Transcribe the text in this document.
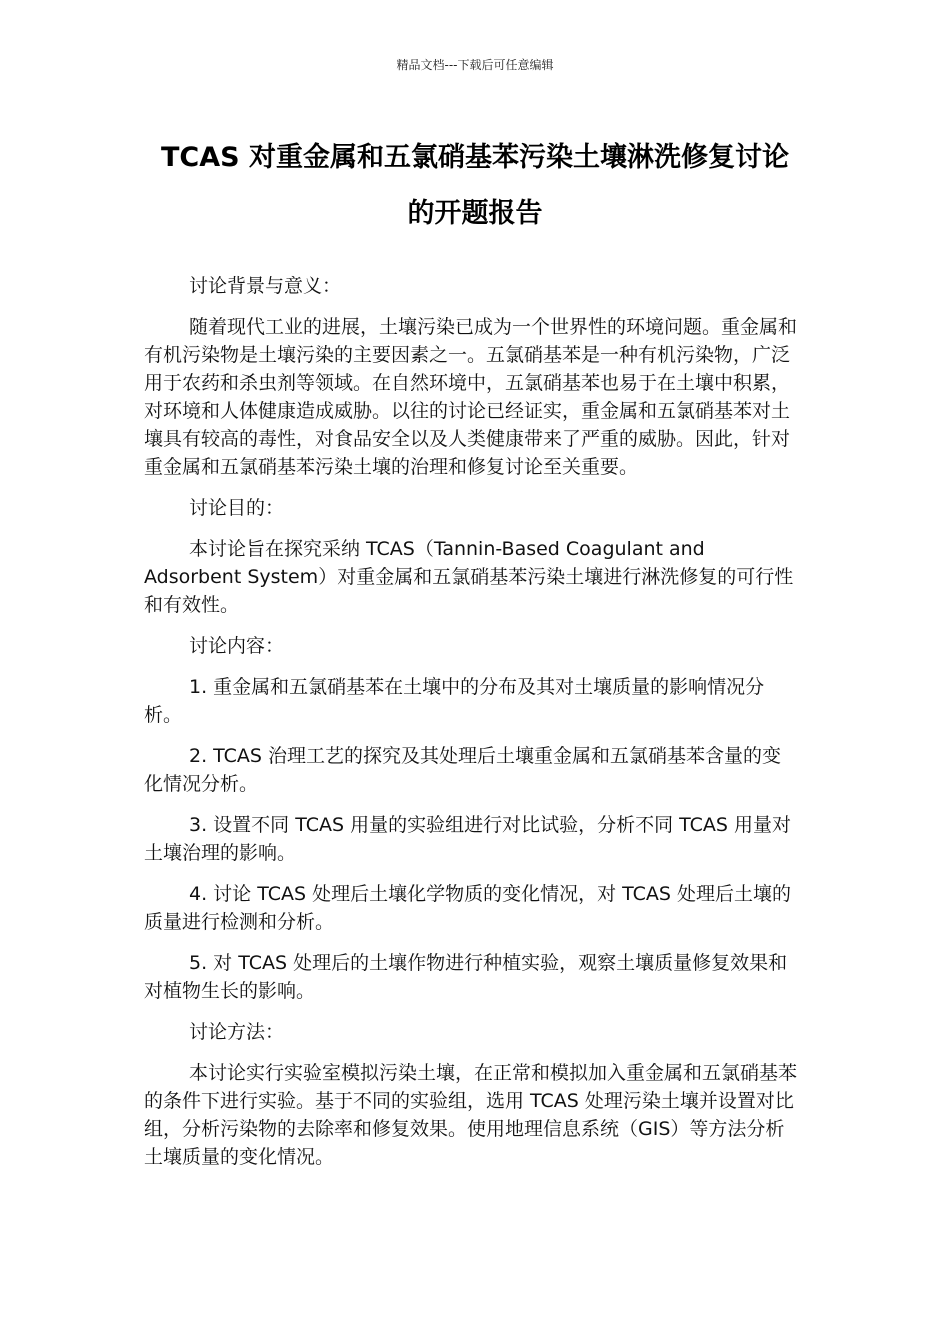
精品文档---下载后可任意编辑
TCAS 对重金属和五氯硝基苯污染土壤淋洗修复讨论
的开题报告

讨论背景与意义：

随着现代工业的进展，土壤污染已成为一个世界性的环境问题。重金属和有机污染物是土壤污染的主要因素之一。五氯硝基苯是一种有机污染物，广泛用于农药和杀虫剂等领域。在自然环境中，五氯硝基苯也易于在土壤中积累，对环境和人体健康造成威胁。以往的讨论已经证实，重金属和五氯硝基苯对土壤具有较高的毒性，对食品安全以及人类健康带来了严重的威胁。因此，针对重金属和五氯硝基苯污染土壤的治理和修复讨论至关重要。

讨论目的：

本讨论旨在探究采纳 TCAS（Tannin-Based Coagulant and Adsorbent System）对重金属和五氯硝基苯污染土壤进行淋洗修复的可行性和有效性。

讨论内容：

1. 重金属和五氯硝基苯在土壤中的分布及其对土壤质量的影响情况分析。

2. TCAS 治理工艺的探究及其处理后土壤重金属和五氯硝基苯含量的变化情况分析。

3. 设置不同 TCAS 用量的实验组进行对比试验，分析不同 TCAS 用量对土壤治理的影响。

4. 讨论 TCAS 处理后土壤化学物质的变化情况，对 TCAS 处理后土壤的质量进行检测和分析。

5. 对 TCAS 处理后的土壤作物进行种植实验，观察土壤质量修复效果和对植物生长的影响。

讨论方法：

本讨论实行实验室模拟污染土壤，在正常和模拟加入重金属和五氯硝基苯的条件下进行实验。基于不同的实验组，选用 TCAS 处理污染土壤并设置对比组，分析污染物的去除率和修复效果。使用地理信息系统（GIS）等方法分析土壤质量的变化情况。
